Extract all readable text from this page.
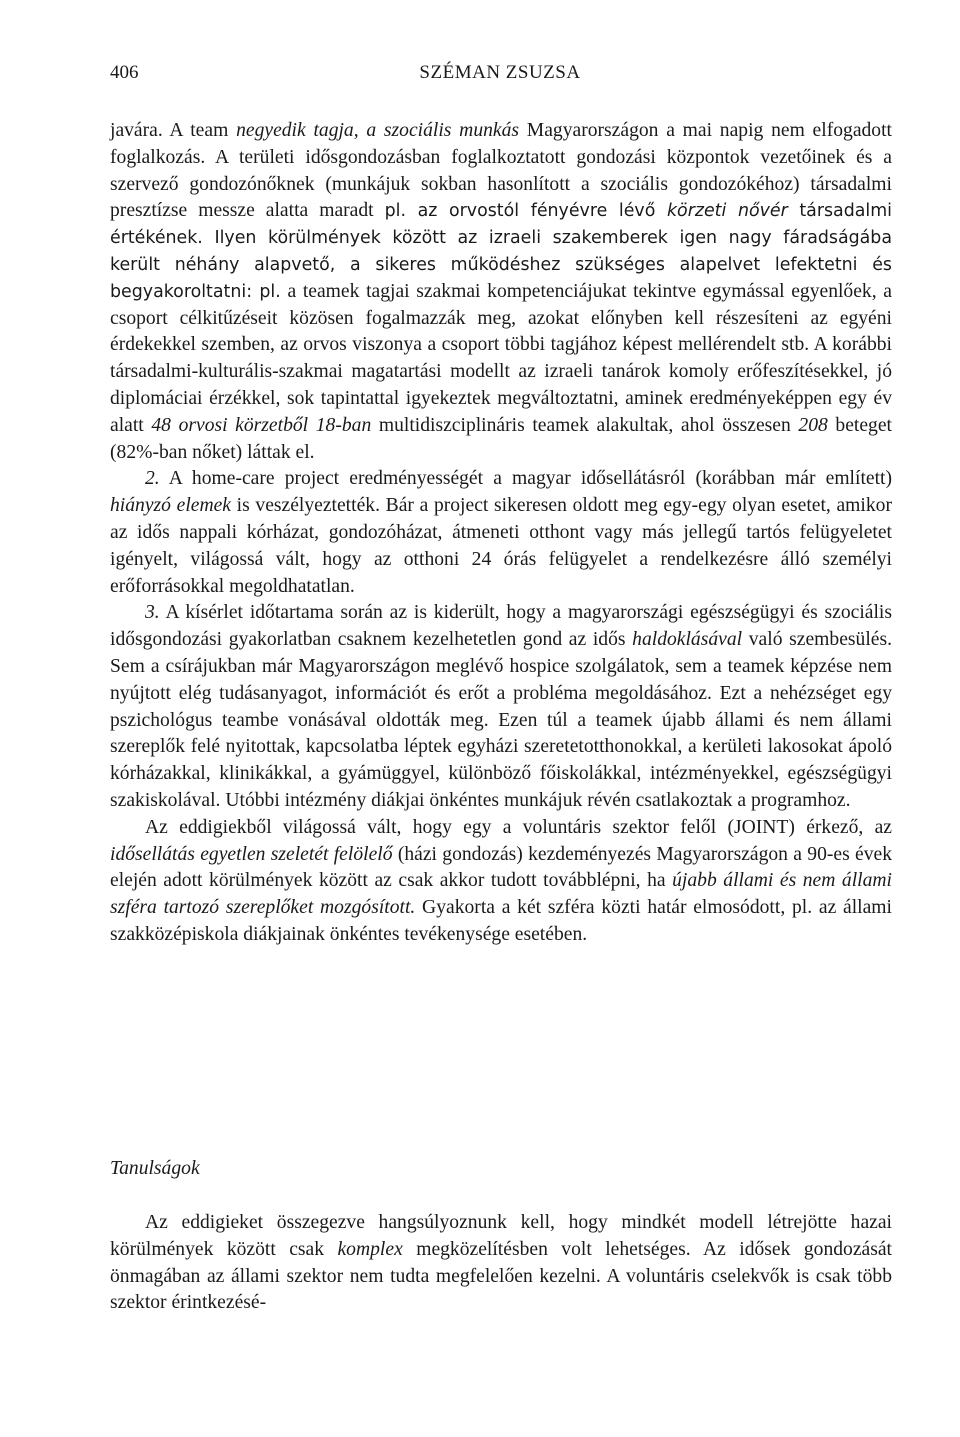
406	SZÉMAN ZSUZSA

javára. A team negyedik tagja, a szociális munkás Magyarországon a mai napig nem elfogadott foglalkozás. A területi idősgondozásban foglalkoztatott gondozási központok vezetőinek és a szervező gondozónőknek (munkájuk sokban hasonlított a szociális gondozókéhoz) társadalmi presztízse messze alatta maradt pl. az orvostól fényévre lévő körzeti nővér társadalmi értékének. Ilyen körülmények között az izraeli szakemberek igen nagy fáradságába került néhány alapvető, a sikeres működéshez szükséges alapelvet lefektetni és begyakoroltatni: pl. a teamek tagjai szakmai kompetenciájukat tekintve egymással egyenlőek, a csoport célkitűzéseit közösen fogalmazzák meg, azokat előnyben kell részesíteni az egyéni érdekekkel szemben, az orvos viszonya a csoport többi tagjához képest mellérendelt stb. A korábbi társadalmi-kulturális-szakmai magatartási modellt az izraeli tanárok komoly erőfeszítésekkel, jó diplomáciai érzékkel, sok tapintattal igyekeztek megváltoztatni, aminek eredményeképpen egy év alatt 48 orvosi körzetből 18-ban multidiszciplináris teamek alakultak, ahol összesen 208 beteget (82%-ban nőket) láttak el.

2. A home-care project eredményességét a magyar idősellátásról (korábban már említett) hiányzó elemek is veszélyeztették. Bár a project sikeresen oldott meg egy-egy olyan esetet, amikor az idős nappali kórházat, gondozóházat, átmeneti otthont vagy más jellegű tartós felügyeletet igényelt, világossá vált, hogy az otthoni 24 órás felügyelet a rendelkezésre álló személyi erőforrásokkal megoldhatatlan.

3. A kísérlet időtartama során az is kiderült, hogy a magyarországi egészségügyi és szociális idősgondozási gyakorlatban csaknem kezelhetetlen gond az idős haldoklásával való szembesülés. Sem a csírájukban már Magyarországon meglévő hospice szolgálatok, sem a teamek képzése nem nyújtott elég tudásanyagot, információt és erőt a probléma megoldásához. Ezt a nehézséget egy pszichológus teambe vonásával oldották meg. Ezen túl a teamek újabb állami és nem állami szereplők felé nyitottak, kapcsolatba léptek egyházi szeretetotthonokkal, a kerületi lakosokat ápoló kórházakkal, klinikákkal, a gyámüggyel, különböző főiskolákkal, intézményekkel, egészségügyi szakiskolával. Utóbbi intézmény diákjai önkéntes munkájuk révén csatlakoztak a programhoz.

Az eddigiekből világossá vált, hogy egy a voluntáris szektor felől (JOINT) érkező, az idősellátás egyetlen szeletét felölelő (házi gondozás) kezdeményezés Magyarországon a 90-es évek elején adott körülmények között az csak akkor tudott továbblépni, ha újabb állami és nem állami szféra tartozó szereplőket mozgósított. Gyakorta a két szféra közti határ elmosódott, pl. az állami szakközépiskola diákjainak önkéntes tevékenysége esetében.

Tanulságok

Az eddigieket összegezve hangsúlyoznunk kell, hogy mindkét modell létrejötte hazai körülmények között csak komplex megközelítésben volt lehetséges. Az idősek gondozását önmagában az állami szektor nem tudta megfelelően kezelni. A voluntáris cselekvők is csak több szektor érintkezésé-
